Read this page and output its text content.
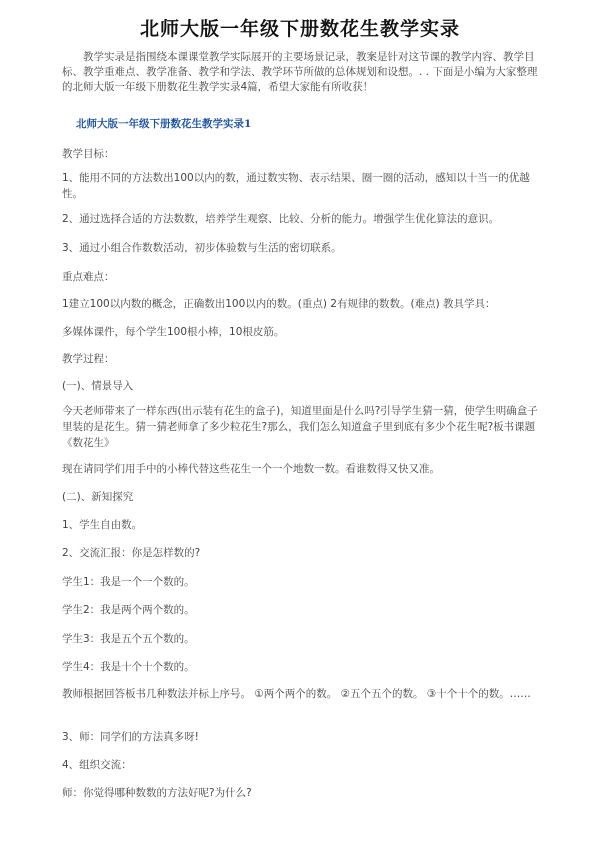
北师大版一年级下册数花生教学实录
教学实录是指围绕本课课堂教学实际展开的主要场景记录，教案是针对这节课的教学内容、教学目标、教学重难点、教学准备、教学和学法、教学环节所做的总体规划和设想。. . 下面是小编为大家整理的北师大版一年级下册数花生教学实录4篇，希望大家能有所收获！
北师大版一年级下册数花生教学实录1

教学目标：

1、能用不同的方法数出100以内的数，通过数实物、表示结果、圈一圈的活动，感知以十当一的优越性。

2、通过选择合适的方法数数，培养学生观察、比较、分析的能力。增强学生优化算法的意识。

3、通过小组合作数数活动，初步体验数与生活的密切联系。

重点难点：

1建立100以内数的概念，正确数出100以内的数。(重点) 2有规律的数数。(难点) 教具学具：

多媒体课件，每个学生100根小棒，10根皮筋。

教学过程：

(一)、情景导入

今天老师带来了一样东西(出示装有花生的盒子)，知道里面是什么吗?引导学生猜一猜，使学生明确盒子里装的是花生。猜一猜老师拿了多少粒花生?那么，我们怎么知道盒子里到底有多少个花生呢?板书课题《数花生》

现在请同学们用手中的小棒代替这些花生一个一个地数一数。看谁数得又快又准。

(二)、新知探究

1、学生自由数。

2、交流汇报：你是怎样数的?

学生1：我是一个一个数的。

学生2：我是两个两个数的。

学生3：我是五个五个数的。

学生4：我是十个十个数的。

教师根据回答板书几种数法并标上序号。 ①两个两个的数。 ②五个五个的数。 ③十个十个的数。……

3、师：同学们的方法真多呀!

4、组织交流：

师：你觉得哪种数数的方法好呢?为什么?
